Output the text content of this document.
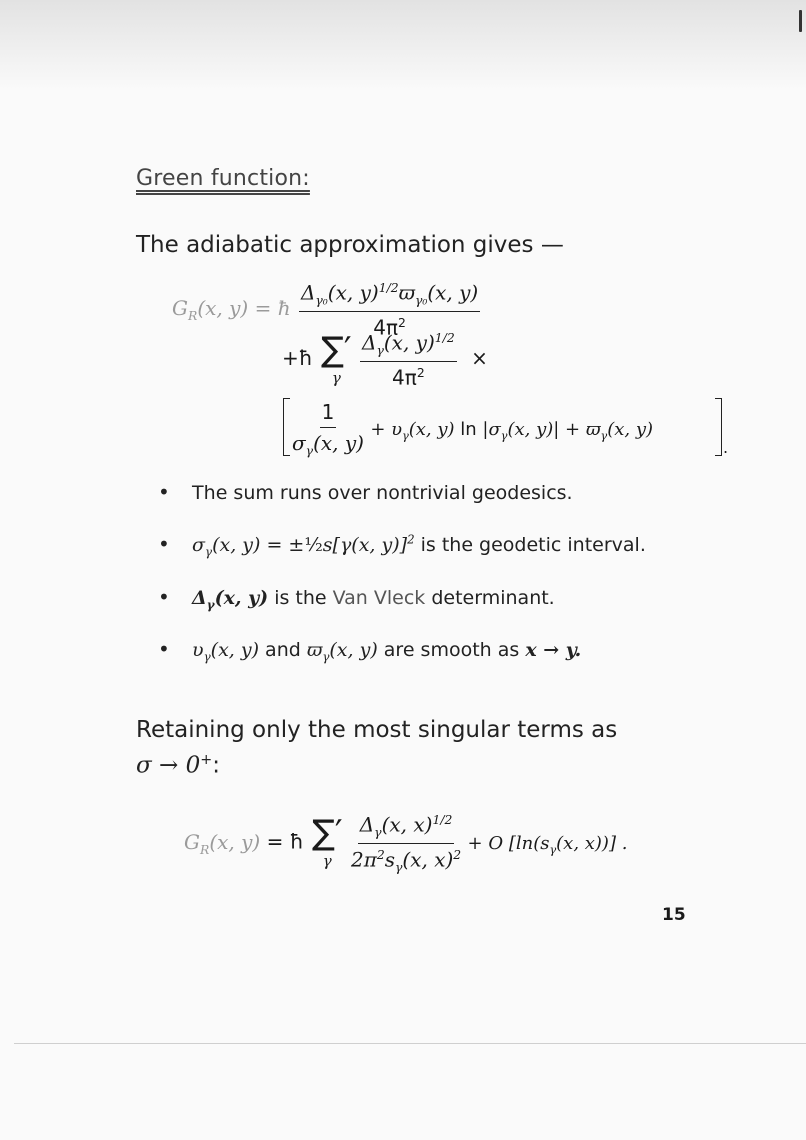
Green function:
The adiabatic approximation gives —
$G_R(x$, y) = ħ $\frac{\Delta_{\gamma_0}(x, y)^{1/2}ϖ_{\gamma_0}(x, y)}{4\pi^2}$
+ħ ∑′
γ
$\frac{\Delta_\gamma(x, y)^{1/2}}{4\pi^2}$ ×
$\frac{1}{\sigma_\gamma(x, y)} + \upsilon_\gamma(x$, y) $\ln |\sigma_\gamma(x$, $y)| + ϖ_\gamma(x$, y)
.
• The sum runs over nontrivial geodesics.
• $\sigma_\gamma(x$, y) = ±½s[γ(x, y)]$^2$ is the geodetic interval.
• $\Delta_\gamma(x$, y) is the Van Vleck determinant.
• $\upsilon_\gamma(x$, y) and $ϖ_\gamma(x$, y) are smooth as x → y.
Retaining only the most singular terms as
σ → 0+:
$G_R(x$, y) = ħ ∑′
γ
$\frac{\Delta_\gamma(x, x)^{1/2}}{2\pi^2s_\gamma(x, x)^2} + O$ [$\ln(s_\gamma(x$, x))] .
15
